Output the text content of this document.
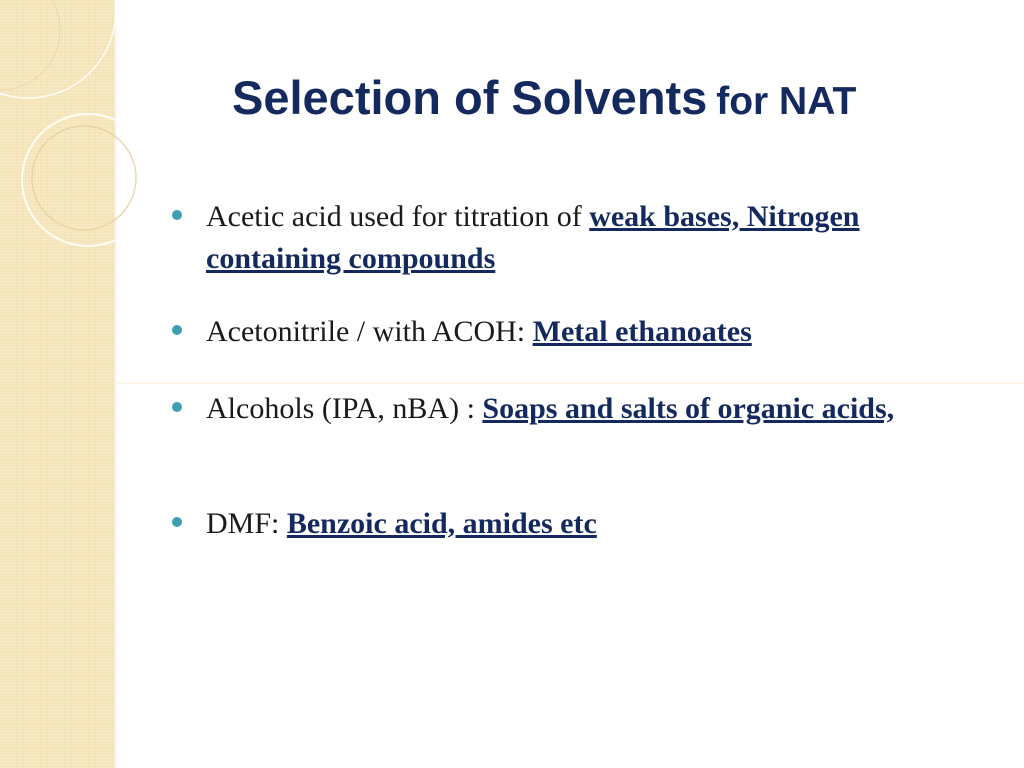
Selection of Solvents for NAT
Acetic acid used for titration of weak bases, Nitrogen containing compounds
Acetonitrile / with ACOH: Metal ethanoates
Alcohols (IPA, nBA) : Soaps and salts of organic acids,
DMF: Benzoic acid, amides etc
